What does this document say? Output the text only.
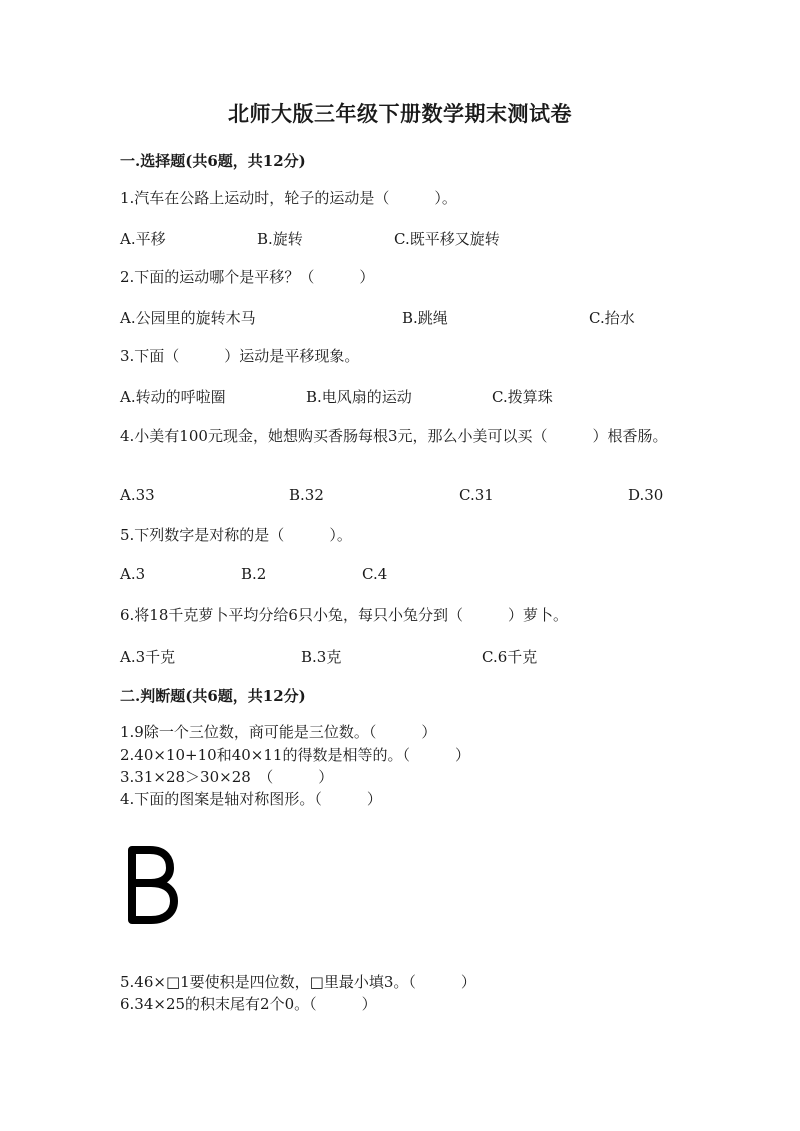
北师大版三年级下册数学期末测试卷
一.选择题(共6题，共12分)
1.汽车在公路上运动时，轮子的运动是（　　　）。
A.平移	B.旋转	C.既平移又旋转
2.下面的运动哪个是平移？（　　　）
A.公园里的旋转木马	B.跳绳	C.抬水
3.下面（　　　）运动是平移现象。
A.转动的呼啦圈	B.电风扇的运动	C.拨算珠
4.小美有100元现金，她想购买香肠每根3元，那么小美可以买（　　　）根香肠。
A.33	B.32	C.31	D.30
5.下列数字是对称的是（　　　）。
A.3	B.2	C.4
6.将18千克萝卜平均分给6只小兔，每只小兔分到（　　　）萝卜。
A.3千克	B.3克	C.6千克
二.判断题(共6题，共12分)
1.9除一个三位数，商可能是三位数。（　　　）
2.40×10+10和40×11的得数是相等的。（　　　）
3.31×28＞30×28　（　　　）
4.下面的图案是轴对称图形。（　　　）
5.46×□1要使积是四位数，□里最小填3。（　　　）
6.34×25的积末尾有2个0。（　　　）
